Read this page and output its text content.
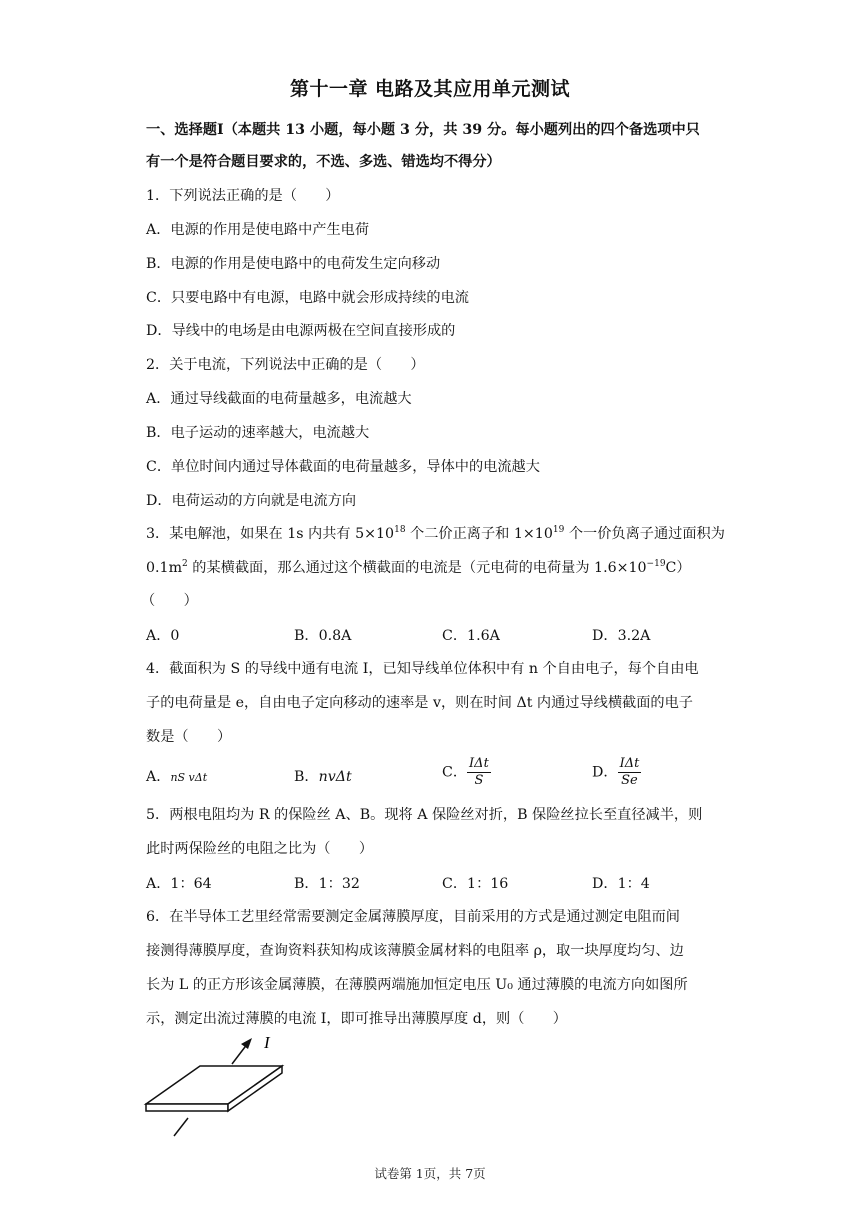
第十一章 电路及其应用单元测试
一、选择题Ⅰ（本题共 13 小题，每小题 3 分，共 39 分。每小题列出的四个备选项中只
有一个是符合题目要求的，不选、多选、错选均不得分）
1．下列说法正确的是（　　）
A．电源的作用是使电路中产生电荷
B．电源的作用是使电路中的电荷发生定向移动
C．只要电路中有电源，电路中就会形成持续的电流
D．导线中的电场是由电源两极在空间直接形成的
2．关于电流，下列说法中正确的是（　　）
A．通过导线截面的电荷量越多，电流越大
B．电子运动的速率越大，电流越大
C．单位时间内通过导体截面的电荷量越多，导体中的电流越大
D．电荷运动的方向就是电流方向
3．某电解池，如果在 1s 内共有 $5\times 10^{18}$ 个二价正离子和 $1\times 10^{19}$ 个一价负离子通过面积为
$0.1m^2$ 的某横截面，那么通过这个横截面的电流是（元电荷的电荷量为 $1.6\times 10^{-19}C$）
（　　）
A．0	B．0.8A	C．1.6A	D．3.2A
4．截面积为 S 的导线中通有电流 I，已知导线单位体积中有 n 个自由电子，每个自由电
子的电荷量是 e，自由电子定向移动的速率是 v，则在时间 Δt 内通过导线横截面的电子
数是（　　）
A．nS vΔt	B．nvΔt	C． $\frac{\text{IΔt}}{S}$	D． $\frac{\text{IΔt}}{Se}$
5．两根电阻均为 R 的保险丝 A、B。现将 A 保险丝对折，B 保险丝拉长至直径减半，则
此时两保险丝的电阻之比为（　　）
A．1：64	B．1：32	C．1：16	D．1：4
6．在半导体工艺里经常需要测定金属薄膜厚度，目前采用的方式是通过测定电阻而间
接测得薄膜厚度，查询资料获知构成该薄膜金属材料的电阻率 ρ，取一块厚度均匀、边
长为 L 的正方形该金属薄膜，在薄膜两端施加恒定电压 U₀ 通过薄膜的电流方向如图所
示，测定出流过薄膜的电流 I，即可推导出薄膜厚度 d，则（　　）
I
试卷第 1页，共 7页
